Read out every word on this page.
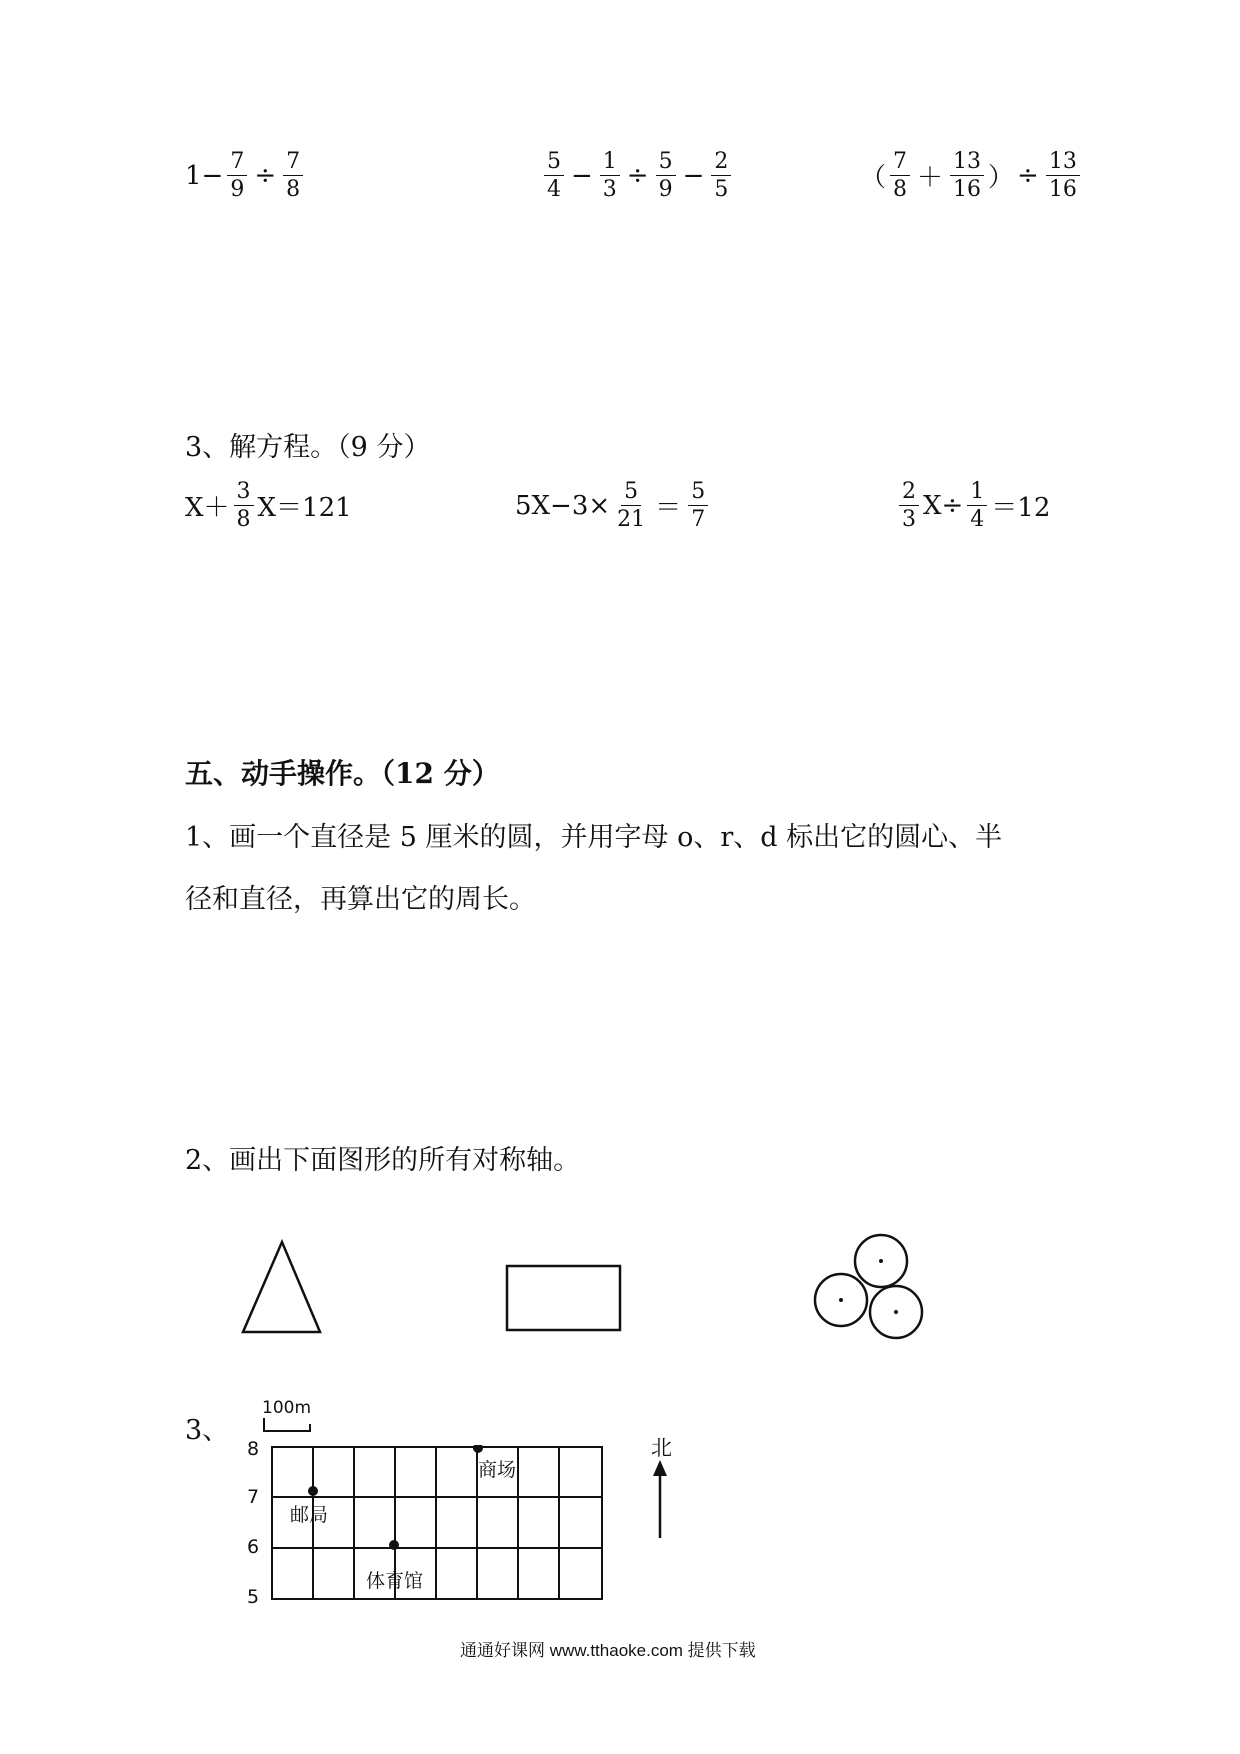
$1- \frac{7}{9} \div \frac{7}{8}$	$\frac{5}{4} - \frac{1}{3} \div \frac{5}{9} - \frac{2}{5}$	（ $\frac{7}{8} + \frac{13}{16}$ ） ÷ $\frac{13}{16}$
3、解方程。（9 分）
$X+ \frac{3}{8} X=121$	$5X-3\times \frac{5}{21} = \frac{5}{7}$	$\frac{2}{3} X\div \frac{1}{4} =12$
五、动手操作。（12 分）
1、画一个直径是 5 厘米的圆，并用字母 o、r、d 标出它的圆心、半
径和直径，再算出它的周长。
2、画出下面图形的所有对称轴。
3、
100m
8
7
6
5
商场
邮局
体育馆
北
通通好课网 www.tthaoke.com 提供下载
